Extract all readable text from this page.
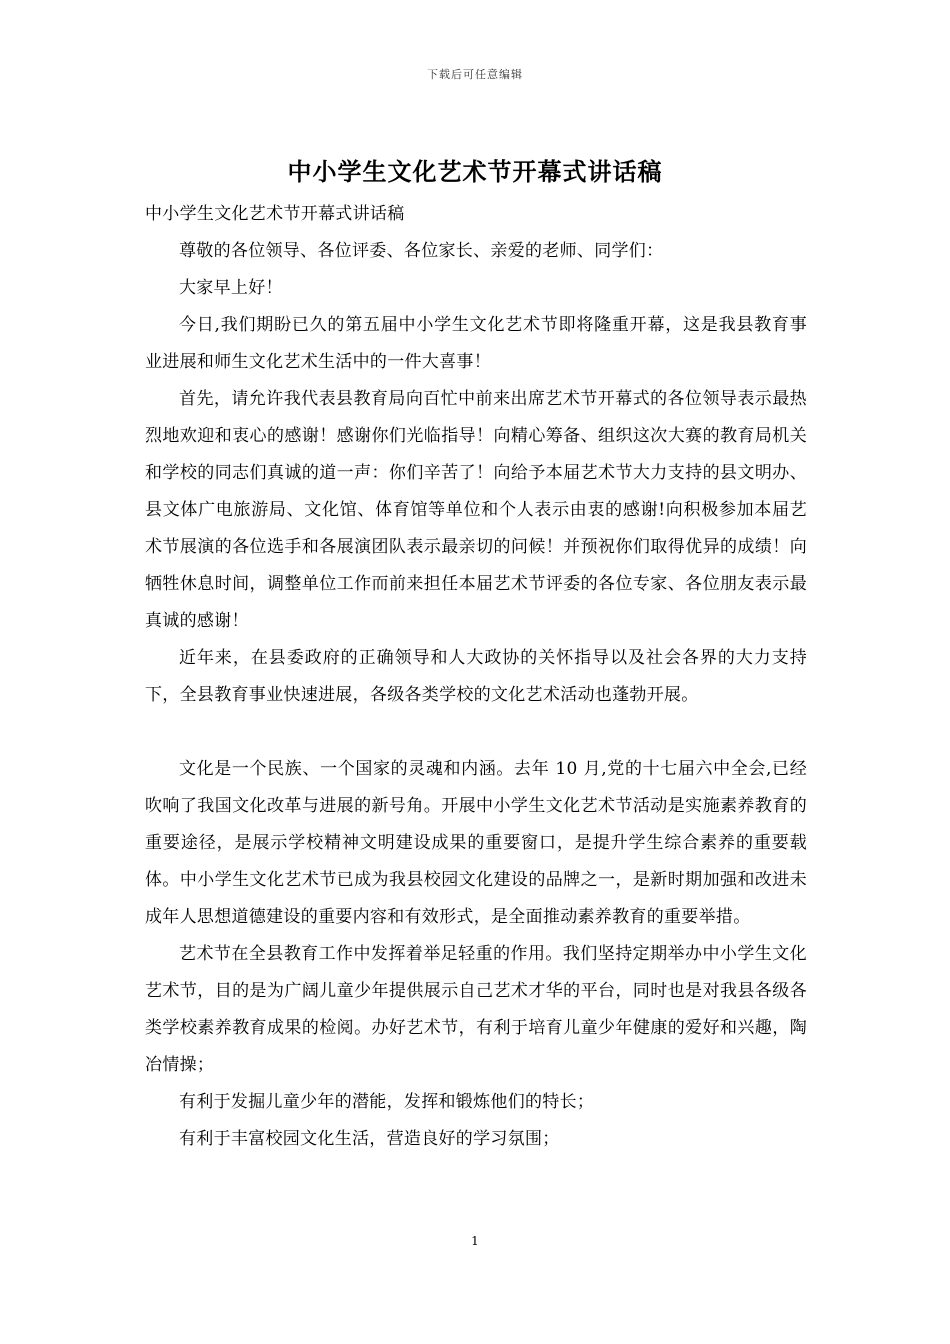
下载后可任意编辑
中小学生文化艺术节开幕式讲话稿

中小学生文化艺术节开幕式讲话稿

尊敬的各位领导、各位评委、各位家长、亲爱的老师、同学们：

大家早上好！

今日,我们期盼已久的第五届中小学生文化艺术节即将隆重开幕，这是我县教育事业进展和师生文化艺术生活中的一件大喜事！

首先，请允许我代表县教育局向百忙中前来出席艺术节开幕式的各位领导表示最热烈地欢迎和衷心的感谢！感谢你们光临指导！向精心筹备、组织这次大赛的教育局机关和学校的同志们真诚的道一声：你们辛苦了！向给予本届艺术节大力支持的县文明办、县文体广电旅游局、文化馆、体育馆等单位和个人表示由衷的感谢!向积极参加本届艺术节展演的各位选手和各展演团队表示最亲切的问候！并预祝你们取得优异的成绩！向牺牲休息时间，调整单位工作而前来担任本届艺术节评委的各位专家、各位朋友表示最真诚的感谢！

近年来，在县委政府的正确领导和人大政协的关怀指导以及社会各界的大力支持下，全县教育事业快速进展，各级各类学校的文化艺术活动也蓬勃开展。

文化是一个民族、一个国家的灵魂和内涵。去年 10 月,党的十七届六中全会,已经吹响了我国文化改革与进展的新号角。开展中小学生文化艺术节活动是实施素养教育的重要途径，是展示学校精神文明建设成果的重要窗口，是提升学生综合素养的重要载体。中小学生文化艺术节已成为我县校园文化建设的品牌之一，是新时期加强和改进未成年人思想道德建设的重要内容和有效形式，是全面推动素养教育的重要举措。

艺术节在全县教育工作中发挥着举足轻重的作用。我们坚持定期举办中小学生文化艺术节，目的是为广阔儿童少年提供展示自己艺术才华的平台，同时也是对我县各级各类学校素养教育成果的检阅。办好艺术节，有利于培育儿童少年健康的爱好和兴趣，陶冶情操；

有利于发掘儿童少年的潜能，发挥和锻炼他们的特长；

有利于丰富校园文化生活，营造良好的学习氛围；

1
